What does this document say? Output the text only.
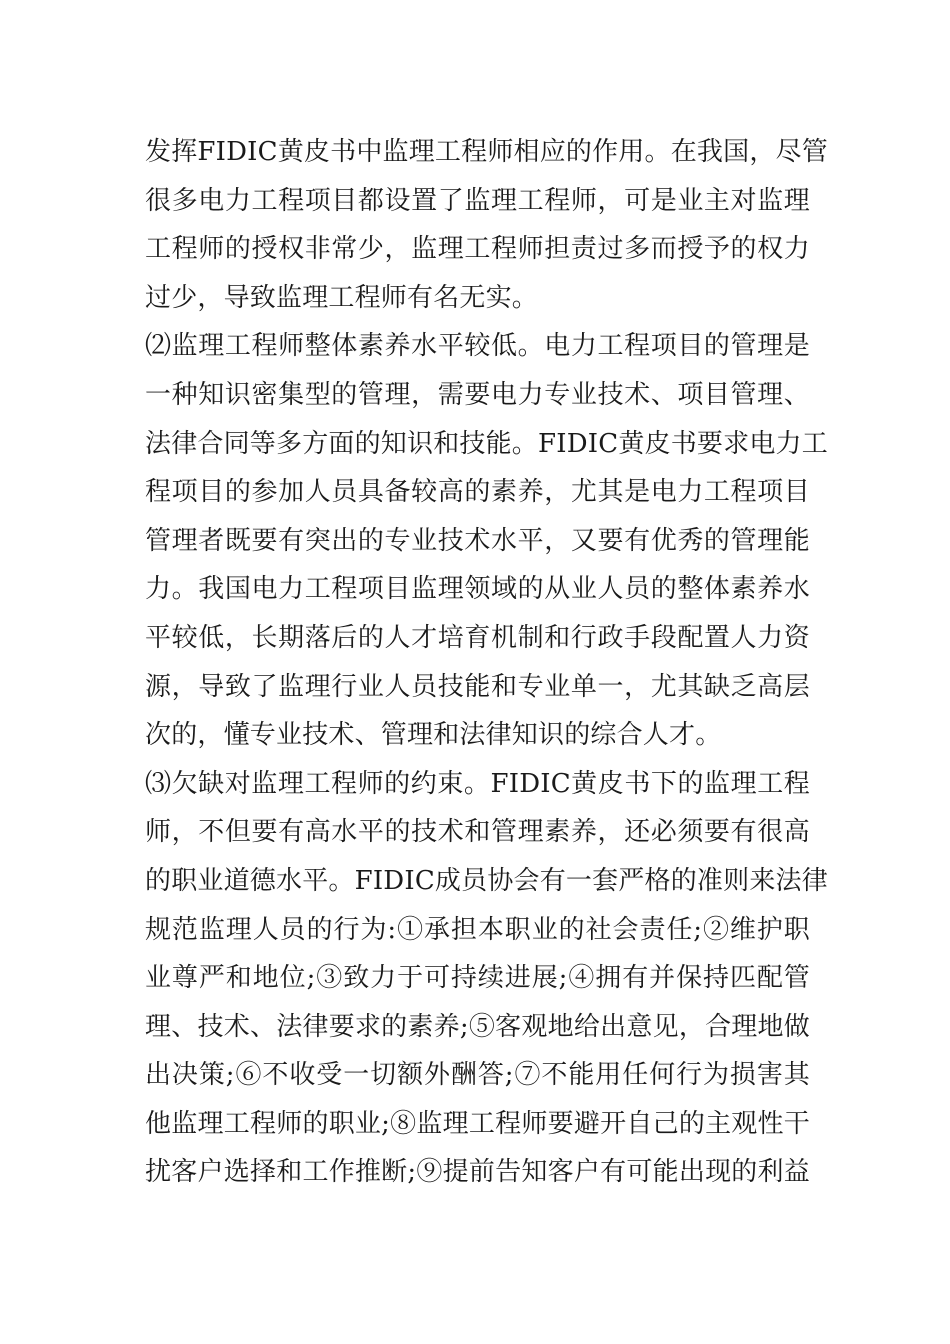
发挥FIDIC黄皮书中监理工程师相应的作用。在我国，尽管
很多电力工程项目都设置了监理工程师，可是业主对监理
工程师的授权非常少，监理工程师担责过多而授予的权力
过少，导致监理工程师有名无实。
⑵监理工程师整体素养水平较低。电力工程项目的管理是
一种知识密集型的管理，需要电力专业技术、项目管理、
法律合同等多方面的知识和技能。FIDIC黄皮书要求电力工
程项目的参加人员具备较高的素养，尤其是电力工程项目
管理者既要有突出的专业技术水平，又要有优秀的管理能
力。我国电力工程项目监理领域的从业人员的整体素养水
平较低，长期落后的人才培育机制和行政手段配置人力资
源，导致了监理行业人员技能和专业单一，尤其缺乏高层
次的，懂专业技术、管理和法律知识的综合人才。
⑶欠缺对监理工程师的约束。FIDIC黄皮书下的监理工程
师，不但要有高水平的技术和管理素养，还必须要有很高
的职业道德水平。FIDIC成员协会有一套严格的准则来法律
规范监理人员的行为:①承担本职业的社会责任;②维护职
业尊严和地位;③致力于可持续进展;④拥有并保持匹配管
理、技术、法律要求的素养;⑤客观地给出意见，合理地做
出决策;⑥不收受一切额外酬答;⑦不能用任何行为损害其
他监理工程师的职业;⑧监理工程师要避开自己的主观性干
扰客户选择和工作推断;⑨提前告知客户有可能出现的利益
